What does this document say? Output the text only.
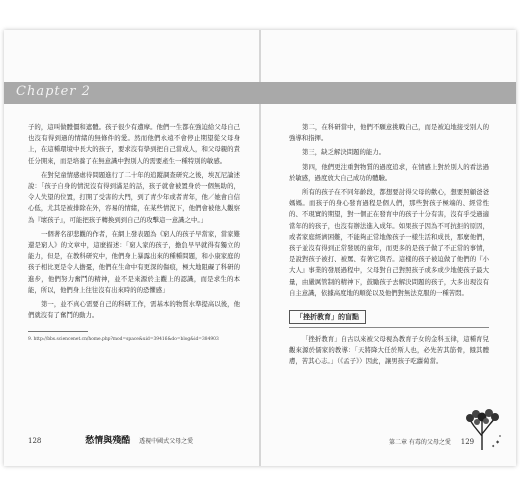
子的，這叫做體僵和遮體。孩子很少有遭摩。他們一生都在強迫給父母自己也沒有得到過的情緒的無條件的愛。然而他們永遠不會停止期望從父母身上，在這種環境中長大的孩子，要求沒有學到把自己當成人，和父母親的責任分開來，而是培養了在無意識中對別人的需要產生一種特別的敏感。

在對兒童情感虐待問題進行了二十年的追蹤調查研究之後，埃瓦尼論述說：「孩子自身的情況沒有得到滿足的話，孩子就會被置身於一個無助的，令人失望的位置，打開了受害的大門，到了青少年或者青年，他／她會自信心低，尤其是被排除在外，容易的情緒，在某些情況下，他們會被他人觀察為『壞孩子』，可能把孩子轉換到到自己的攻擊這一意識之中。」

一個著名卻悲觀的作者，在網上發表題為《窮人的孩子早當家，當家難還是窮人》的文章中，這麼描述：「窮人家的孩子，擔負早早就得有獨立的能力，但是，在教科研究中，他們身上暴露出來的種種問題，和小康家庭的孩子相比更是令人擔憂，他們在生命中有更深的傷痕，極大地阻礙了科研的進步，他們努力奮鬥的精神，並不是來源於主觀上的認識，而是求生的本能，所以，他們身上往往沒有出來時的的恐懼感」

第一，並不真心需要自己的科研工作，需基本的物質水準提高以後，他們就沒有了奮鬥的動力。

9. http://bbs.sciencenet.cn/home.php?mod=space&uid=39416&do=blog&id=384903
128	愁情與殘酷 透視中國式父母之愛

第二，在科研當中，他們不願意挑戰自己，而是被迫地接受別人的強導和指揮。

第三，缺乏解決問題的能力。

第四，他們更注重對物質的過度追求，在情感上對於別人的看法過於敏感，過度放大自己成功的體驗。

所有的孩子在不同年齡段，都想要討得父母的歡心，想要照顧爸爸媽媽。而孩子的身心發育過程是個人們，那些對孩子極端的、經常性的、不現實的期望，對一個正在發育中的孩子十分有害，沒有乎受過適當年的的孩子，也沒有辦法進入成年。如果孩子因為不可抗拒的原因，或者家庭經濟困難，不能夠正常地像孩子一樣生活和成長，那麼他們，孩子並沒有得到正常發展的童年，而更多的是孩子做了不正常的事情，是說對孩子被打、被罵、有著它與否。這樣的孩子被迫做了他們的『小大人』事業的發展過程中，父母對自己對照孩子或多或少地使孩子最大量，由嚴厲管制的精神下，鼓勵孩子去解決問題的孩子，大多出現沒有自主意識，依據高度地的順從以及他們對無法克服的一種苦悶。

「挫折教育」的盲點

「挫折教育」自古以來被父母視為教育子女的金科玉律，這種育兒觀來源於儒家的教導：「天將降大任於斯人也，必先苦其筋骨，餓其體膚，苦其心志。」（《孟子》）因此，讓男孩子吃蘿蔔當。

第二章 有毒的父母之愛 129
Chapter 2
